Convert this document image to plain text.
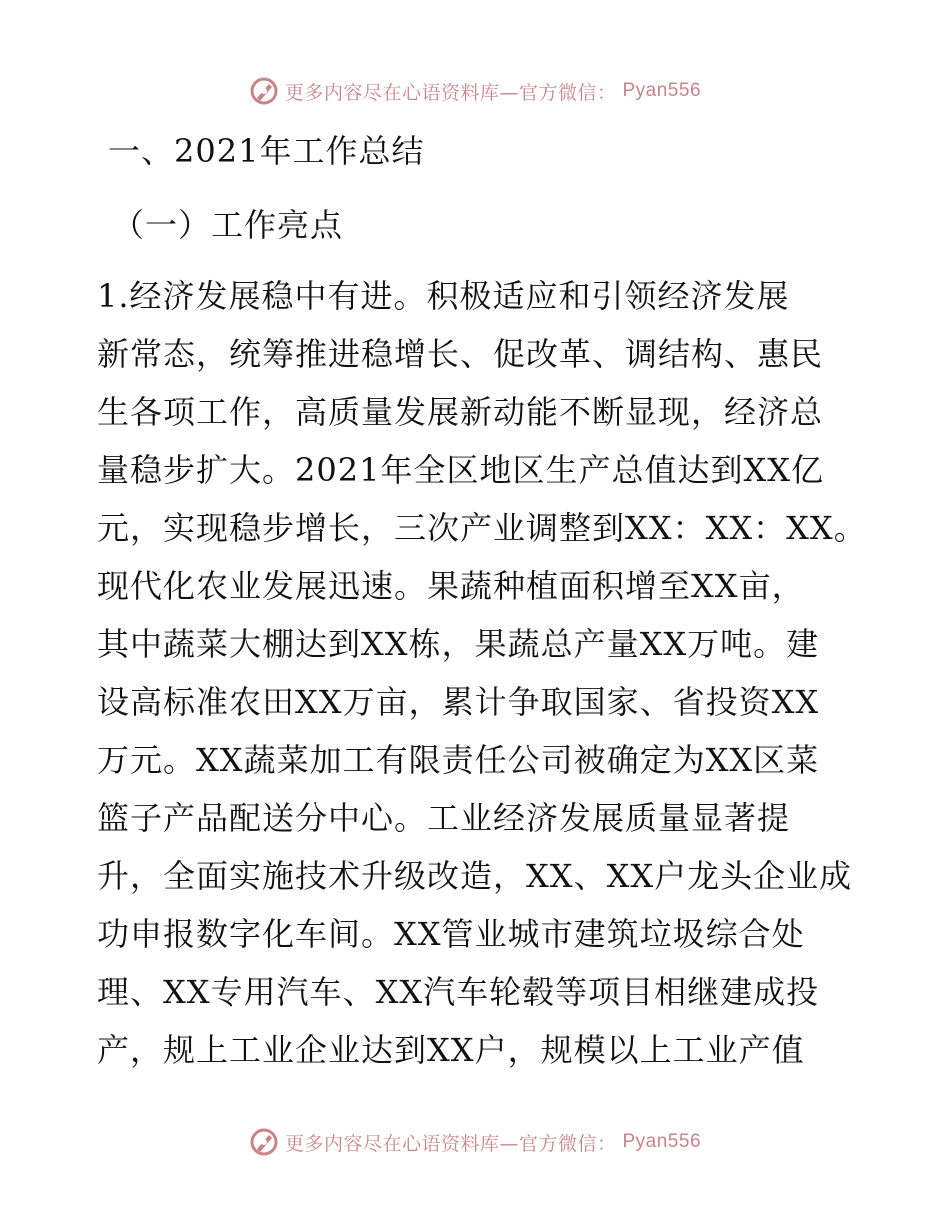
更多内容尽在心语资料库—官方微信： Pyan556
一、2021年工作总结
（一）工作亮点
1.经济发展稳中有进。积极适应和引领经济发展
新常态，统筹推进稳增长、促改革、调结构、惠民
生各项工作，高质量发展新动能不断显现，经济总
量稳步扩大。2021年全区地区生产总值达到XX亿
元，实现稳步增长，三次产业调整到XX：XX：XX。
现代化农业发展迅速。果蔬种植面积增至XX亩，
其中蔬菜大棚达到XX栋，果蔬总产量XX万吨。建
设高标准农田XX万亩，累计争取国家、省投资XX
万元。XX蔬菜加工有限责任公司被确定为XX区菜
篮子产品配送分中心。工业经济发展质量显著提
升，全面实施技术升级改造，XX、XX户龙头企业成
功申报数字化车间。XX管业城市建筑垃圾综合处
理、XX专用汽车、XX汽车轮毂等项目相继建成投
产，规上工业企业达到XX户，规模以上工业产值
更多内容尽在心语资料库—官方微信： Pyan556
